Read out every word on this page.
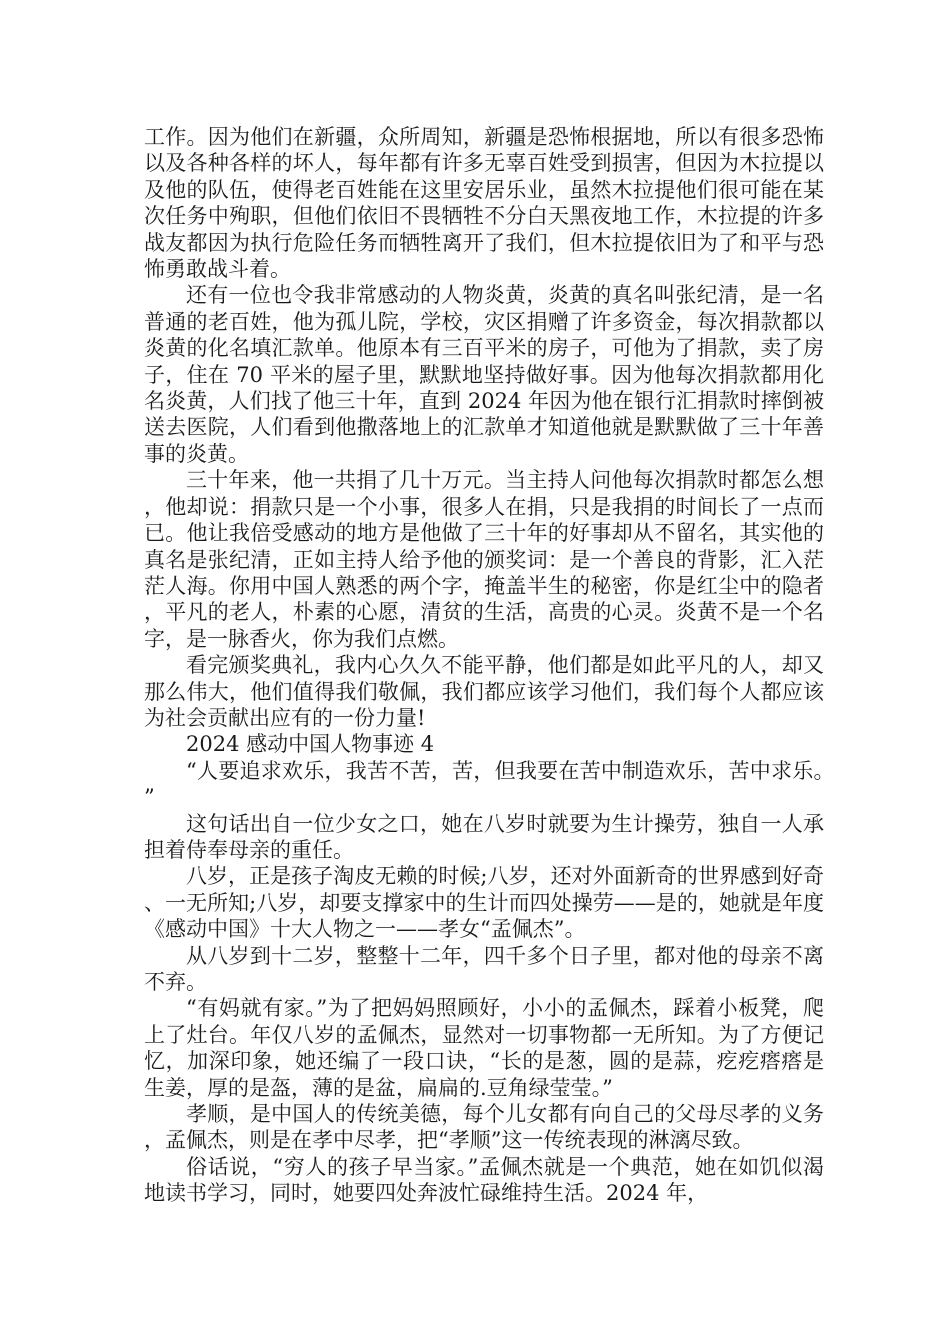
工作。因为他们在新疆，众所周知，新疆是恐怖根据地，所以有很多恐怖以及各种各样的坏人，每年都有许多无辜百姓受到损害，但因为木拉提以及他的队伍，使得老百姓能在这里安居乐业，虽然木拉提他们很可能在某次任务中殉职，但他们依旧不畏牺牲不分白天黑夜地工作，木拉提的许多战友都因为执行危险任务而牺牲离开了我们，但木拉提依旧为了和平与恐怖勇敢战斗着。

还有一位也令我非常感动的人物炎黄，炎黄的真名叫张纪清，是一名普通的老百姓，他为孤儿院，学校，灾区捐赠了许多资金，每次捐款都以炎黄的化名填汇款单。他原本有三百平米的房子，可他为了捐款，卖了房子，住在 70 平米的屋子里，默默地坚持做好事。因为他每次捐款都用化名炎黄，人们找了他三十年，直到 2024 年因为他在银行汇捐款时摔倒被送去医院，人们看到他撒落地上的汇款单才知道他就是默默做了三十年善事的炎黄。

三十年来，他一共捐了几十万元。当主持人问他每次捐款时都怎么想，他却说：捐款只是一个小事，很多人在捐，只是我捐的时间长了一点而已。他让我倍受感动的地方是他做了三十年的好事却从不留名，其实他的真名是张纪清，正如主持人给予他的颁奖词：是一个善良的背影，汇入茫茫人海。你用中国人熟悉的两个字，掩盖半生的秘密，你是红尘中的隐者，平凡的老人，朴素的心愿，清贫的生活，高贵的心灵。炎黄不是一个名字，是一脉香火，你为我们点燃。

看完颁奖典礼，我内心久久不能平静，他们都是如此平凡的人，却又那么伟大，他们值得我们敬佩，我们都应该学习他们，我们每个人都应该为社会贡献出应有的一份力量!

2024 感动中国人物事迹 4

“人要追求欢乐，我苦不苦，苦，但我要在苦中制造欢乐，苦中求乐。”

这句话出自一位少女之口，她在八岁时就要为生计操劳，独自一人承担着侍奉母亲的重任。

八岁，正是孩子淘皮无赖的时候;八岁，还对外面新奇的世界感到好奇、一无所知;八岁，却要支撑家中的生计而四处操劳——是的，她就是年度《感动中国》十大人物之一——孝女“孟佩杰”。

从八岁到十二岁，整整十二年，四千多个日子里，都对他的母亲不离不弃。

“有妈就有家。”为了把妈妈照顾好，小小的孟佩杰，踩着小板凳，爬上了灶台。年仅八岁的孟佩杰，显然对一切事物都一无所知。为了方便记忆，加深印象，她还编了一段口诀，“长的是葱，圆的是蒜，疙疙瘩瘩是生姜，厚的是盔，薄的是盆，扁扁的.豆角绿莹莹。”

孝顺，是中国人的传统美德，每个儿女都有向自己的父母尽孝的义务，孟佩杰，则是在孝中尽孝，把“孝顺”这一传统表现的淋漓尽致。

俗话说，“穷人的孩子早当家。”孟佩杰就是一个典范，她在如饥似渴地读书学习，同时，她要四处奔波忙碌维持生活。2024 年，
